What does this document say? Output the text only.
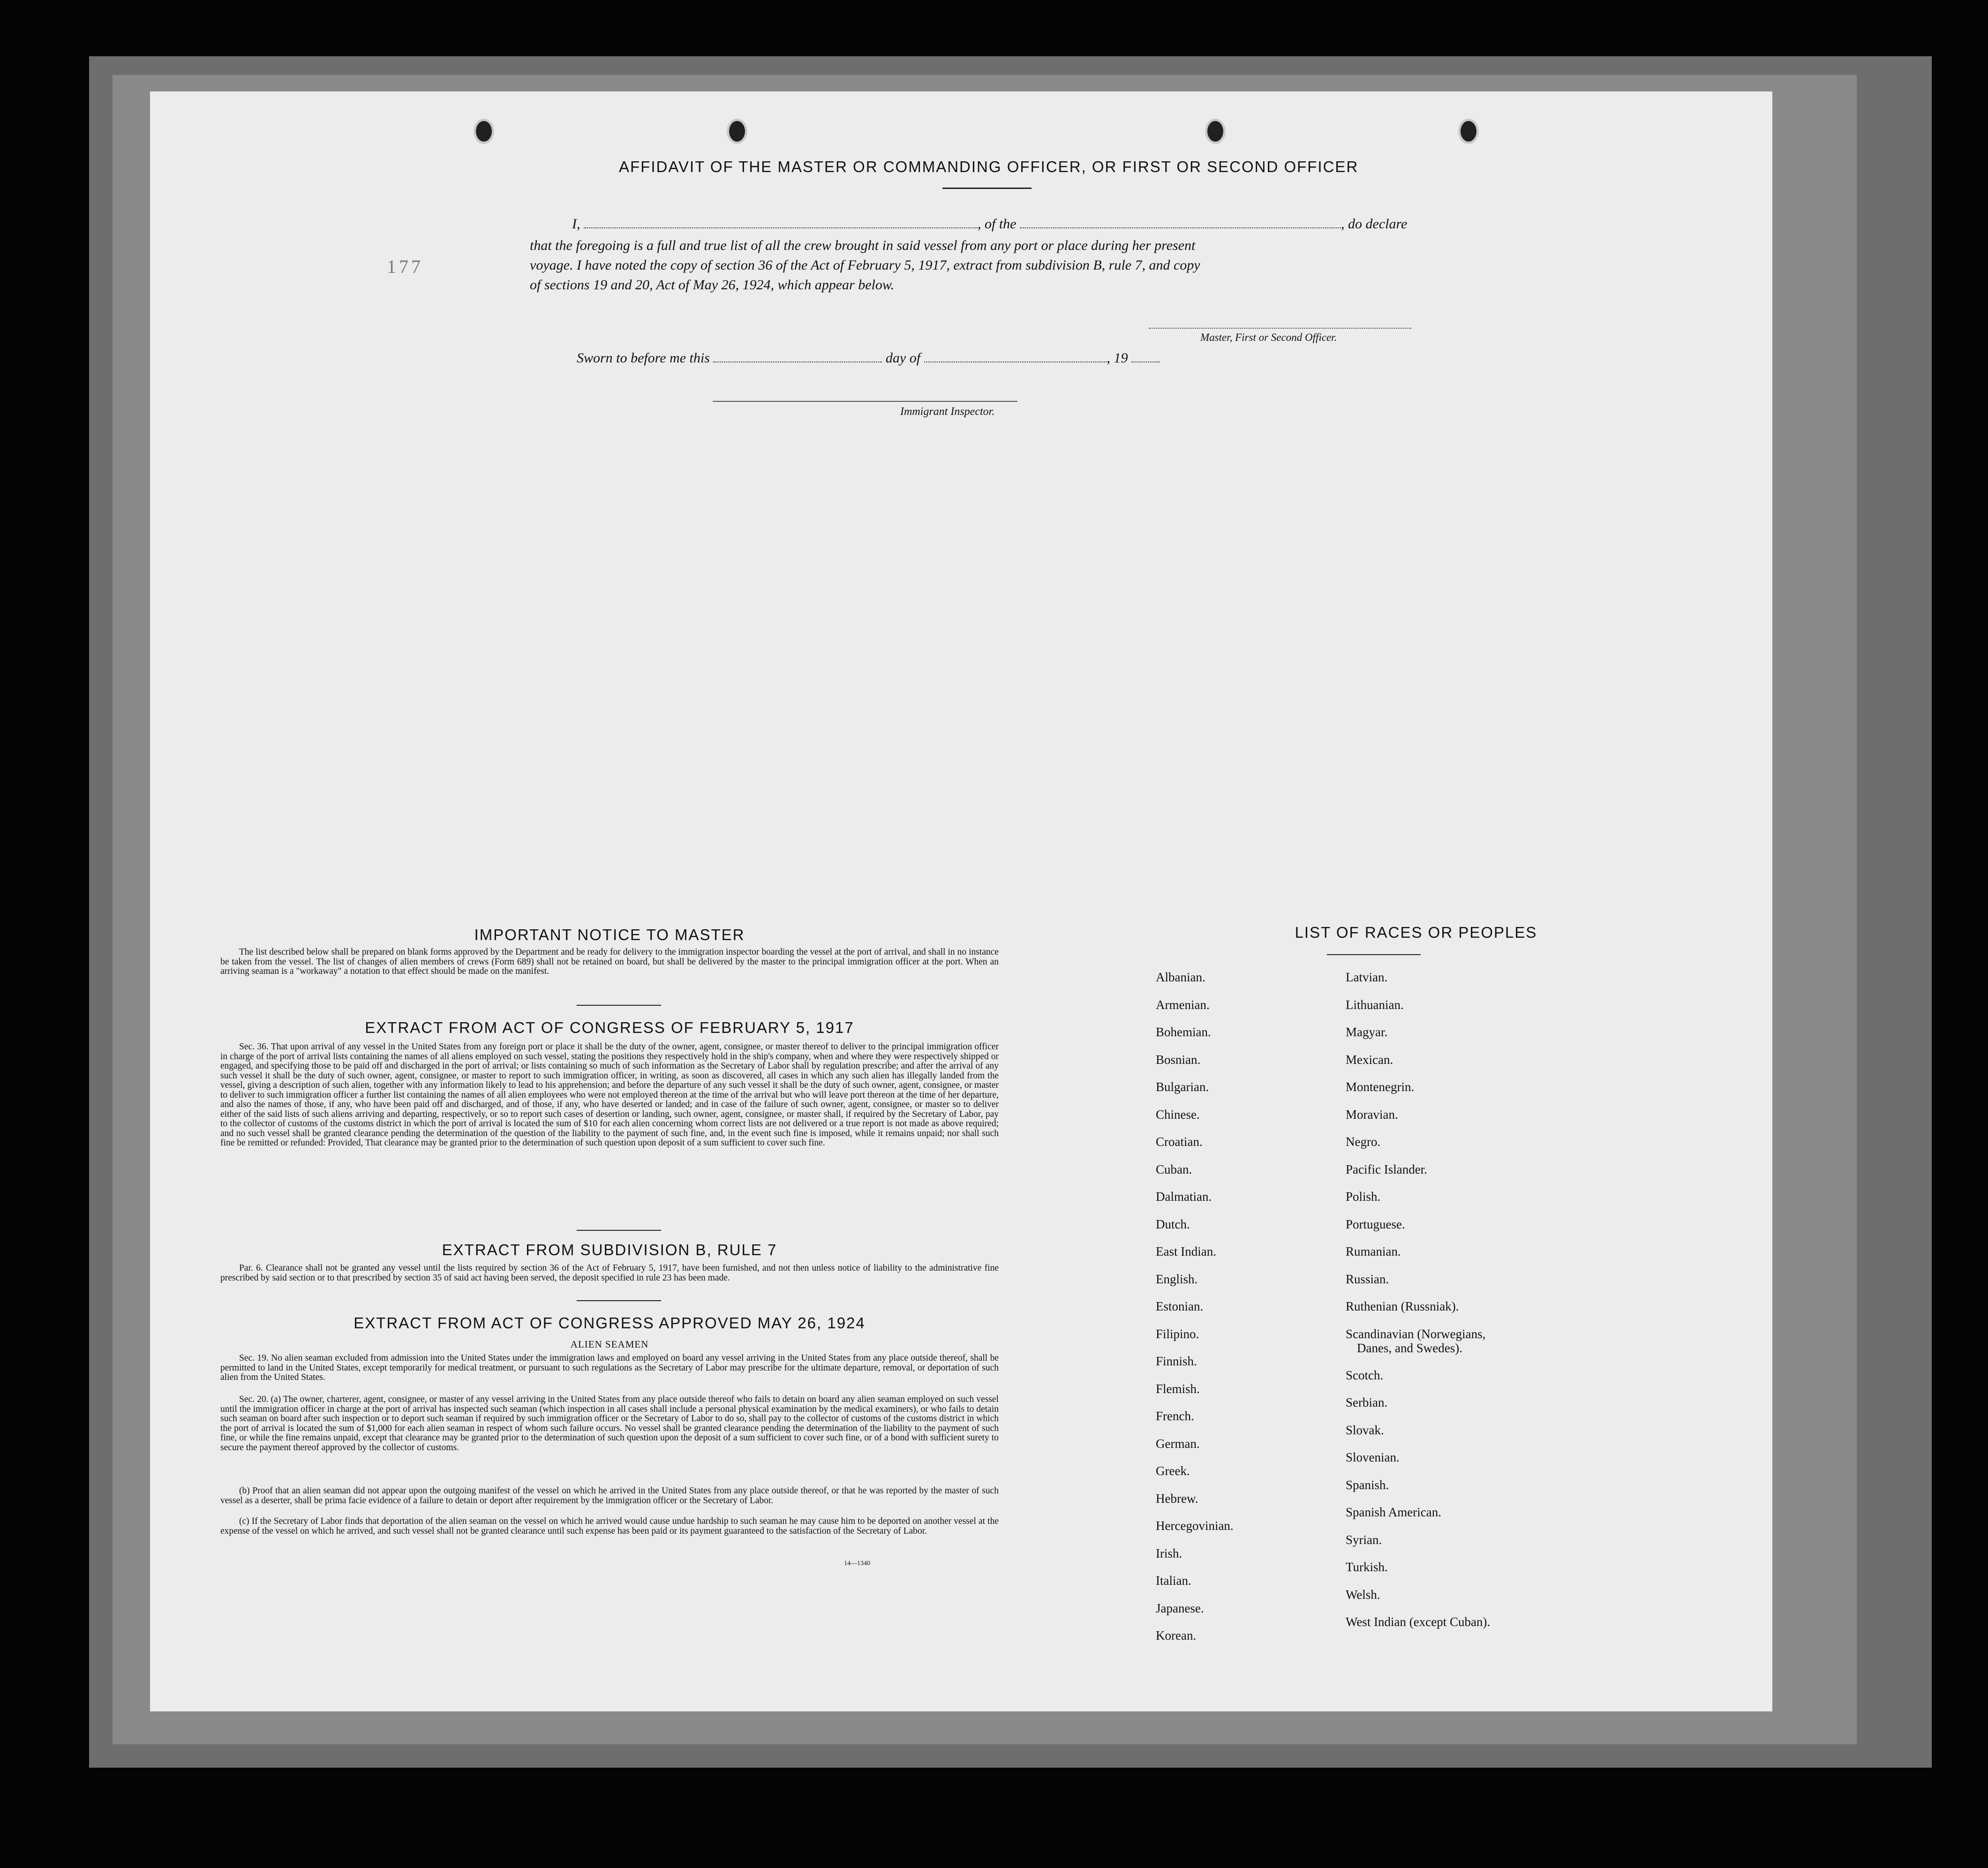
AFFIDAVIT OF THE MASTER OR COMMANDING OFFICER, OR FIRST OR SECOND OFFICER
177
I,	, of the	, do declare
that the foregoing is a full and true list of all the crew brought in said vessel from any port or place during her present
voyage. I have noted the copy of section 36 of the Act of February 5, 1917, extract from subdivision B, rule 7, and copy
of sections 19 and 20, Act of May 26, 1924, which appear below.
Master, First or Second Officer.
Sworn to before me this	day of	, 19
Immigrant Inspector.
IMPORTANT NOTICE TO MASTER
The list described below shall be prepared on blank forms approved by the Department and be ready for delivery to the immigration inspector boarding the vessel at the port of arrival, and shall in no instance be taken from the vessel. The list of changes of alien members of crews (Form 689) shall not be retained on board, but shall be delivered by the master to the principal immigration officer at the port. When an arriving seaman is a "workaway" a notation to that effect should be made on the manifest.
EXTRACT FROM ACT OF CONGRESS OF FEBRUARY 5, 1917
Sec. 36. That upon arrival of any vessel in the United States from any foreign port or place it shall be the duty of the owner, agent, consignee, or master thereof to deliver to the principal immigration officer in charge of the port of arrival lists containing the names of all aliens employed on such vessel, stating the positions they respectively hold in the ship's company, when and where they were respectively shipped or engaged, and specifying those to be paid off and discharged in the port of arrival; or lists containing so much of such information as the Secretary of Labor shall by regulation prescribe; and after the arrival of any such vessel it shall be the duty of such owner, agent, consignee, or master to report to such immigration officer, in writing, as soon as discovered, all cases in which any such alien has illegally landed from the vessel, giving a description of such alien, together with any information likely to lead to his apprehension; and before the departure of any such vessel it shall be the duty of such owner, agent, consignee, or master to deliver to such immigration officer a further list containing the names of all alien employees who were not employed thereon at the time of the arrival but who will leave port thereon at the time of her departure, and also the names of those, if any, who have been paid off and discharged, and of those, if any, who have deserted or landed; and in case of the failure of such owner, agent, consignee, or master so to deliver either of the said lists of such aliens arriving and departing, respectively, or so to report such cases of desertion or landing, such owner, agent, consignee, or master shall, if required by the Secretary of Labor, pay to the collector of customs of the customs district in which the port of arrival is located the sum of $10 for each alien concerning whom correct lists are not delivered or a true report is not made as above required; and no such vessel shall be granted clearance pending the determination of the question of the liability to the payment of such fine, and, in the event such fine is imposed, while it remains unpaid; nor shall such fine be remitted or refunded: Provided, That clearance may be granted prior to the determination of such question upon deposit of a sum sufficient to cover such fine.
EXTRACT FROM SUBDIVISION B, RULE 7
Par. 6. Clearance shall not be granted any vessel until the lists required by section 36 of the Act of February 5, 1917, have been furnished, and not then unless notice of liability to the administrative fine prescribed by said section or to that prescribed by section 35 of said act having been served, the deposit specified in rule 23 has been made.
EXTRACT FROM ACT OF CONGRESS APPROVED MAY 26, 1924
ALIEN SEAMEN
Sec. 19. No alien seaman excluded from admission into the United States under the immigration laws and employed on board any vessel arriving in the United States from any place outside thereof, shall be permitted to land in the United States, except temporarily for medical treatment, or pursuant to such regulations as the Secretary of Labor may prescribe for the ultimate departure, removal, or deportation of such alien from the United States.
Sec. 20. (a) The owner, charterer, agent, consignee, or master of any vessel arriving in the United States from any place outside thereof who fails to detain on board any alien seaman employed on such vessel until the immigration officer in charge at the port of arrival has inspected such seaman (which inspection in all cases shall include a personal physical examination by the medical examiners), or who fails to detain such seaman on board after such inspection or to deport such seaman if required by such immigration officer or the Secretary of Labor to do so, shall pay to the collector of customs of the customs district in which the port of arrival is located the sum of $1,000 for each alien seaman in respect of whom such failure occurs. No vessel shall be granted clearance pending the determination of the liability to the payment of such fine, or while the fine remains unpaid, except that clearance may be granted prior to the determination of such question upon the deposit of a sum sufficient to cover such fine, or of a bond with sufficient surety to secure the payment thereof approved by the collector of customs.
(b) Proof that an alien seaman did not appear upon the outgoing manifest of the vessel on which he arrived in the United States from any place outside thereof, or that he was reported by the master of such vessel as a deserter, shall be prima facie evidence of a failure to detain or deport after requirement by the immigration officer or the Secretary of Labor.
(c) If the Secretary of Labor finds that deportation of the alien seaman on the vessel on which he arrived would cause undue hardship to such seaman he may cause him to be deported on another vessel at the expense of the vessel on which he arrived, and such vessel shall not be granted clearance until such expense has been paid or its payment guaranteed to the satisfaction of the Secretary of Labor.
14—1340
LIST OF RACES OR PEOPLES
Albanian.
Armenian.
Bohemian.
Bosnian.
Bulgarian.
Chinese.
Croatian.
Cuban.
Dalmatian.
Dutch.
East Indian.
English.
Estonian.
Filipino.
Finnish.
Flemish.
French.
German.
Greek.
Hebrew.
Hercegovinian.
Irish.
Italian.
Japanese.
Korean.
Latvian.
Lithuanian.
Magyar.
Mexican.
Montenegrin.
Moravian.
Negro.
Pacific Islander.
Polish.
Portuguese.
Rumanian.
Russian.
Ruthenian (Russniak).
Scandinavian (Norwegians,
Danes, and Swedes).
Scotch.
Serbian.
Slovak.
Slovenian.
Spanish.
Spanish American.
Syrian.
Turkish.
Welsh.
West Indian (except Cuban).
